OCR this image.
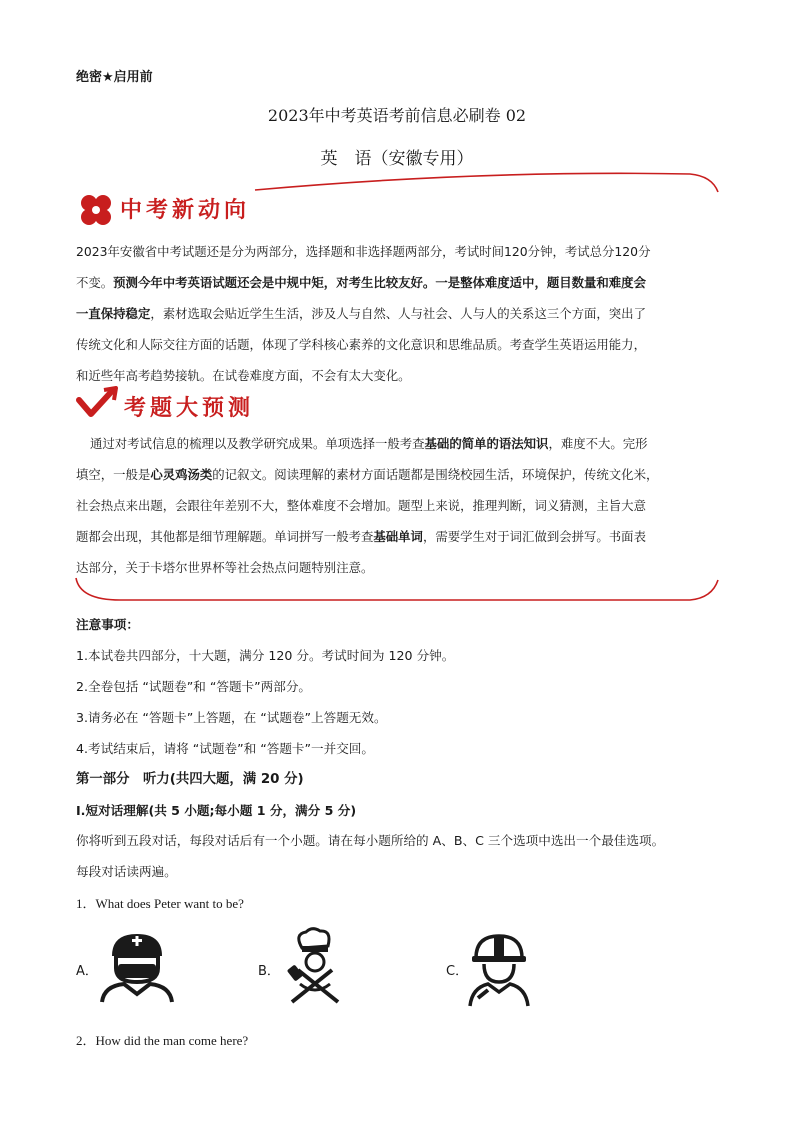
绝密★启用前
2023年中考英语考前信息必刷卷 02
英　语（安徽专用）
中考新动向
2023年安徽省中考试题还是分为两部分，选择题和非选择题两部分，考试时间120分钟，考试总分120分
不变。预测今年中考英语试题还会是中规中矩，对考生比较友好。一是整体难度适中，题目数量和难度会
一直保持稳定，素材选取会贴近学生生活，涉及人与自然、人与社会、人与人的关系这三个方面，突出了
传统文化和人际交往方面的话题，体现了学科核心素养的文化意识和思维品质。考查学生英语运用能力，
和近些年高考趋势接轨。在试卷难度方面，不会有太大变化。
考题大预测
通过对考试信息的梳理以及教学研究成果。单项选择一般考查基础的简单的语法知识，难度不大。完形
填空，一般是心灵鸡汤类的记叙文。阅读理解的素材方面话题都是围绕校园生活，环境保护，传统文化米，
社会热点来出题，会跟往年差别不大，整体难度不会增加。题型上来说，推理判断，词义猜测，主旨大意
题都会出现，其他都是细节理解题。单词拼写一般考查基础单词，需要学生对于词汇做到会拼写。书面表
达部分，关于卡塔尔世界杯等社会热点问题特别注意。
注意事项：
1.本试卷共四部分，十大题，满分 120 分。考试时间为 120 分钟。
2.全卷包括 “试题卷”和 “答题卡”两部分。
3.请务必在 “答题卡”上答题，在 “试题卷”上答题无效。
4.考试结束后，请将 “试题卷”和 “答题卡”一并交回。
第一部分　听力(共四大题，满 20 分)
Ⅰ.短对话理解(共 5 小题;每小题 1 分，满分 5 分)
你将听到五段对话，每段对话后有一个小题。请在每小题所给的 A、B、C 三个选项中选出一个最佳选项。
每段对话读两遍。
1．What does Peter want to be?
A．	B．	C．
2．How did the man come here?
